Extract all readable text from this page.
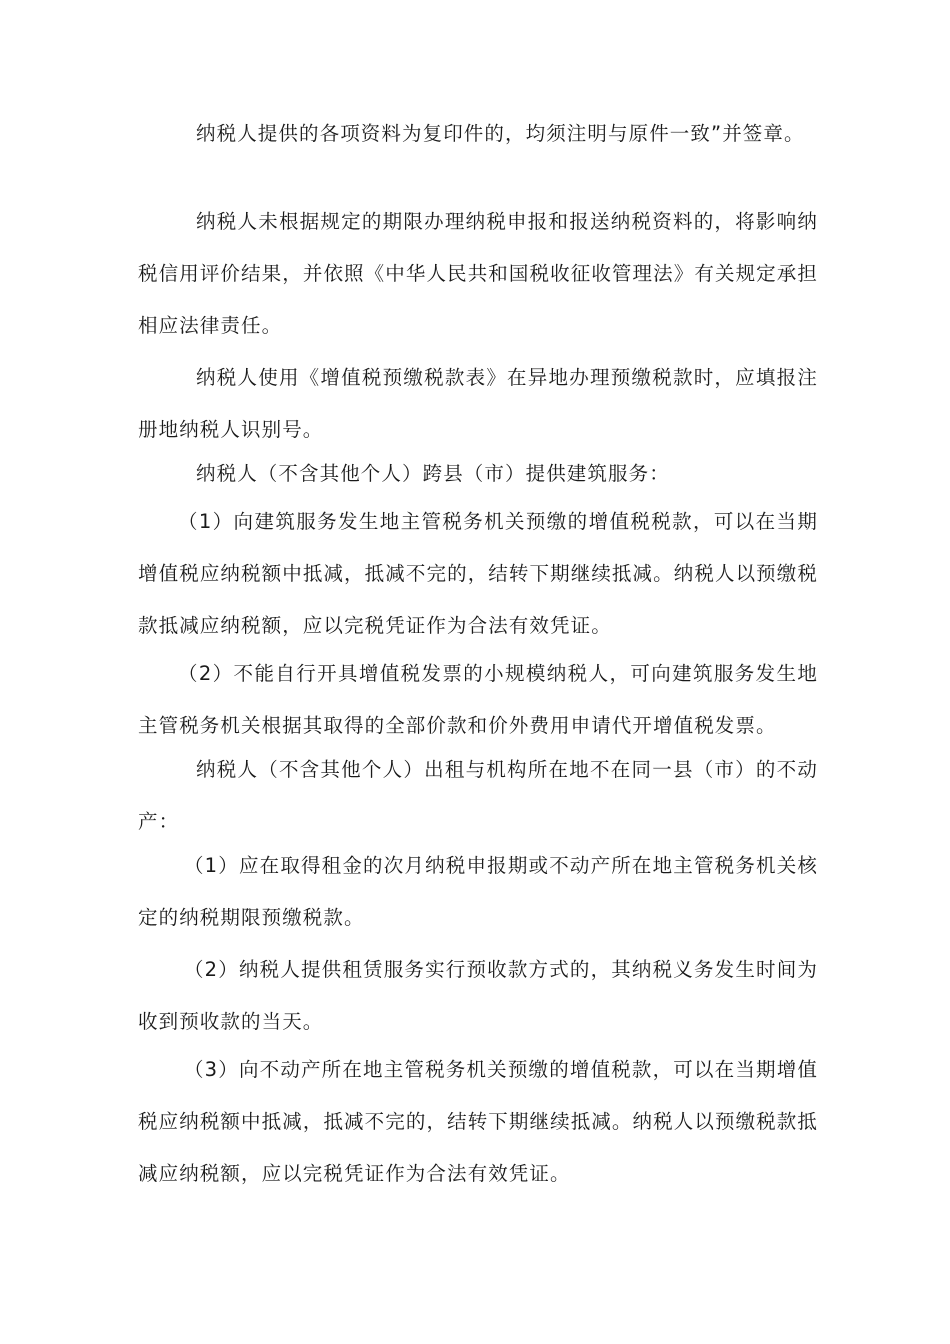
纳税人提供的各项资料为复印件的，均须注明与原件一致”并签章。

纳税人未根据规定的期限办理纳税申报和报送纳税资料的，将影响纳税信用评价结果，并依照《中华人民共和国税收征收管理法》有关规定承担相应法律责任。

纳税人使用《增值税预缴税款表》在异地办理预缴税款时，应填报注册地纳税人识别号。

纳税人（不含其他个人）跨县（市）提供建筑服务：

（1）向建筑服务发生地主管税务机关预缴的增值税税款，可以在当期增值税应纳税额中抵减，抵减不完的，结转下期继续抵减。纳税人以预缴税款抵减应纳税额，应以完税凭证作为合法有效凭证。

（2）不能自行开具增值税发票的小规模纳税人，可向建筑服务发生地主管税务机关根据其取得的全部价款和价外费用申请代开增值税发票。

纳税人（不含其他个人）出租与机构所在地不在同一县（市）的不动产：

（1）应在取得租金的次月纳税申报期或不动产所在地主管税务机关核定的纳税期限预缴税款。

（2）纳税人提供租赁服务实行预收款方式的，其纳税义务发生时间为收到预收款的当天。

（3）向不动产所在地主管税务机关预缴的增值税款，可以在当期增值税应纳税额中抵减，抵减不完的，结转下期继续抵减。纳税人以预缴税款抵减应纳税额，应以完税凭证作为合法有效凭证。
